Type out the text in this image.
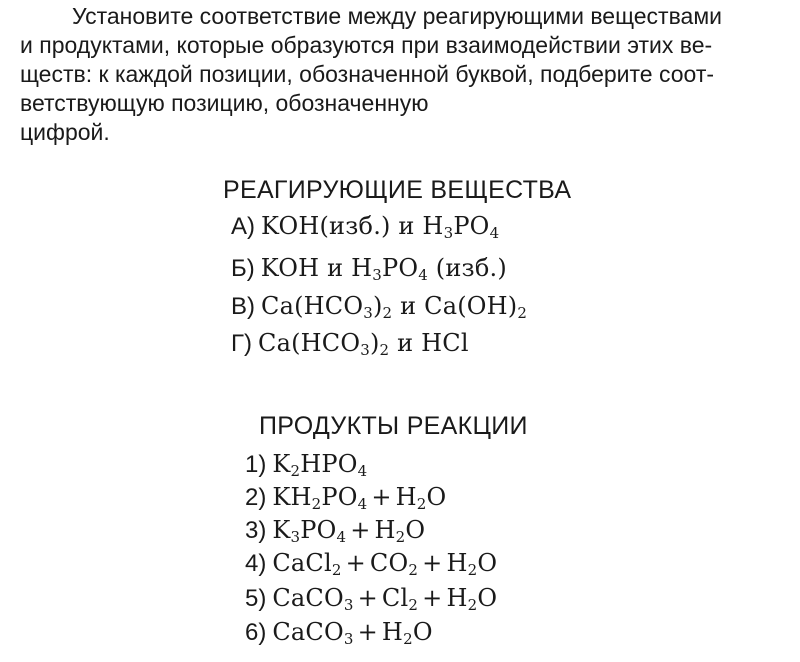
Установите соответствие между реагирующими веществами
и продуктами, которые образуются при взаимодействии этих ве-
ществ: к каждой позиции, обозначенной буквой, подберите соот-
ветствующую позицию, обозначенную
цифрой.
РЕАГИРУЮЩИЕ ВЕЩЕСТВА
А) KOH(изб.) и $H_3PO_4$
Б) KOH и $H_3PO_4$ (изб.)
В) $Ca(HCO_3)_2$ и $Ca(OH)_2$
Г) $Ca(HCO_3)_2$ и HCl
ПРОДУКТЫ РЕАКЦИИ
1) $K_2HPO_4$
2) $KH_2PO_4 + H_2O$
3) $K_3PO_4 + H_2O$
4) CaCl$_2$ + $CO_2 + H_2O$
5) CaCO$_3$ + $Cl_2 + H_2O$
6) CaCO$_3$ + $H_2O$
